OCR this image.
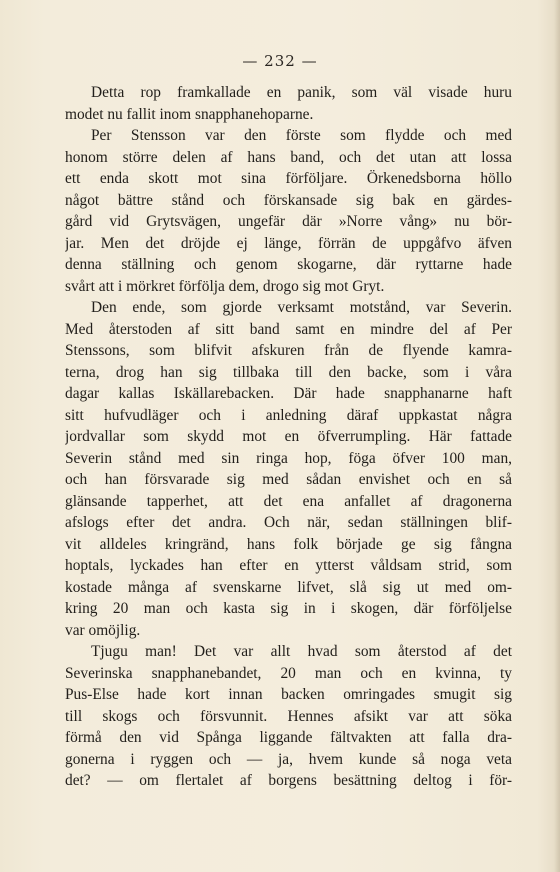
— 232 —
Detta rop framkallade en panik, som väl visade huru
modet nu fallit inom snapphanehoparne.
Per Stensson var den förste som flydde och med
honom större delen af hans band, och det utan att lossa
ett enda skott mot sina förföljare. Örkenedsborna höllo
något bättre stånd och förskansade sig bak en gärdes-
gård vid Grytsvägen, ungefär där »Norre vång» nu bör-
jar. Men det dröjde ej länge, förrän de uppgåfvo äfven
denna ställning och genom skogarne, där ryttarne hade
svårt att i mörkret förfölja dem, drogo sig mot Gryt.
Den ende, som gjorde verksamt motstånd, var Severin.
Med återstoden af sitt band samt en mindre del af Per
Stenssons, som blifvit afskuren från de flyende kamra-
terna, drog han sig tillbaka till den backe, som i våra
dagar kallas Iskällarebacken. Där hade snapphanarne haft
sitt hufvudläger och i anledning däraf uppkastat några
jordvallar som skydd mot en öfverrumpling. Här fattade
Severin stånd med sin ringa hop, föga öfver 100 man,
och han försvarade sig med sådan envishet och en så
glänsande tapperhet, att det ena anfallet af dragonerna
afslogs efter det andra. Och när, sedan ställningen blif-
vit alldeles kringränd, hans folk började ge sig fångna
hoptals, lyckades han efter en ytterst våldsam strid, som
kostade många af svenskarne lifvet, slå sig ut med om-
kring 20 man och kasta sig in i skogen, där förföljelse
var omöjlig.
Tjugu man! Det var allt hvad som återstod af det
Severinska snapphanebandet, 20 man och en kvinna, ty
Pus-Else hade kort innan backen omringades smugit sig
till skogs och försvunnit. Hennes afsikt var att söka
förmå den vid Spånga liggande fältvakten att falla dra-
gonerna i ryggen och — ja, hvem kunde så noga veta
det? — om flertalet af borgens besättning deltog i för-
